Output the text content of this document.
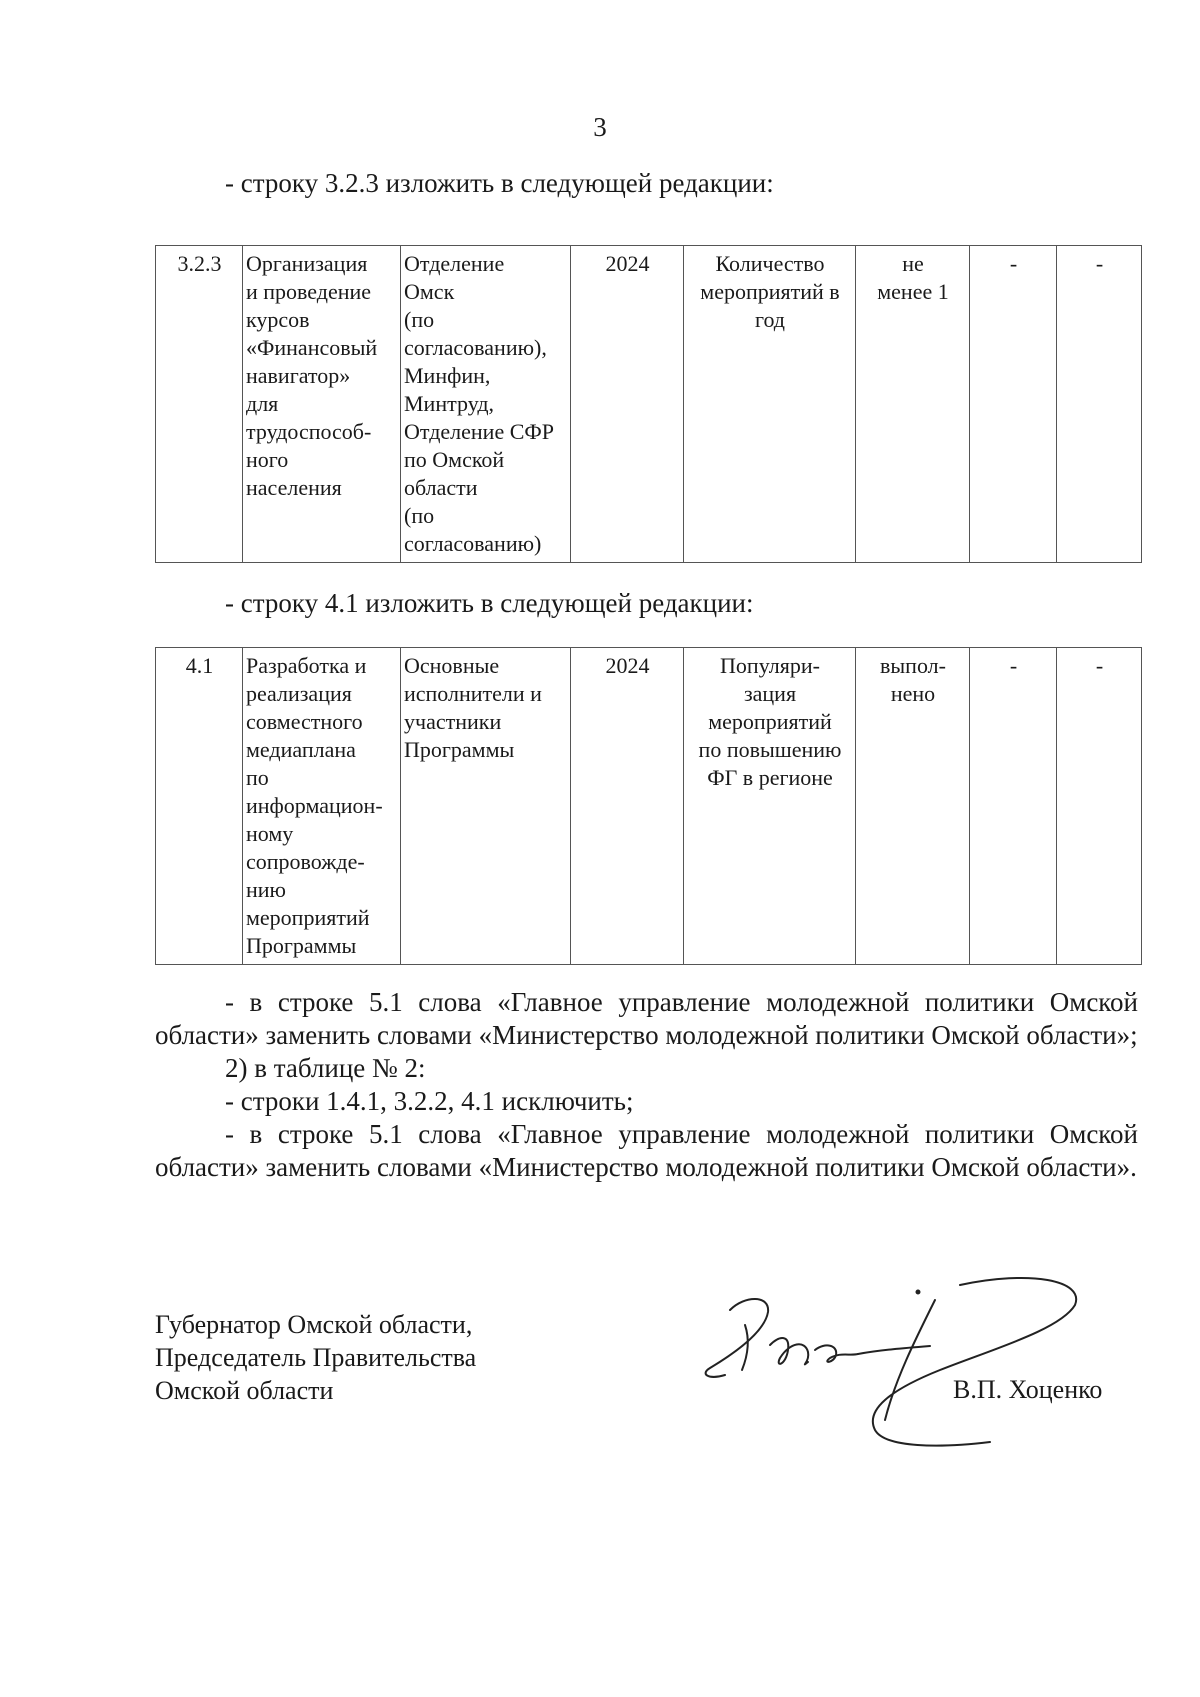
3
- строку 3.2.3 изложить в следующей редакции:
3.2.3	Организация
и проведение
курсов
«Финансовый
навигатор»
для
трудоспособ-
ного
населения	Отделение
Омск
(по
согласованию),
Минфин,
Минтруд,
Отделение СФР
по Омской
области
(по
согласованию)	2024	Количество
мероприятий в
год	не
менее 1	-	-
- строку 4.1 изложить в следующей редакции:
4.1	Разработка и
реализация
совместного
медиаплана
по
информацион-
ному
сопровожде-
нию
мероприятий
Программы	Основные
исполнители и
участники
Программы	2024	Популяри-
зация
мероприятий
по повышению
ФГ в регионе	выпол-
нено	-	-

- в строке 5.1 слова «Главное управление молодежной политики Омской области» заменить словами «Министерство молодежной политики Омской области»;

2) в таблице № 2:

- строки 1.4.1, 3.2.2, 4.1 исключить;

- в строке 5.1 слова «Главное управление молодежной политики Омской области» заменить словами «Министерство молодежной политики Омской области».

Губернатор Омской области,
Председатель Правительства
Омской области	В.П. Хоценко
